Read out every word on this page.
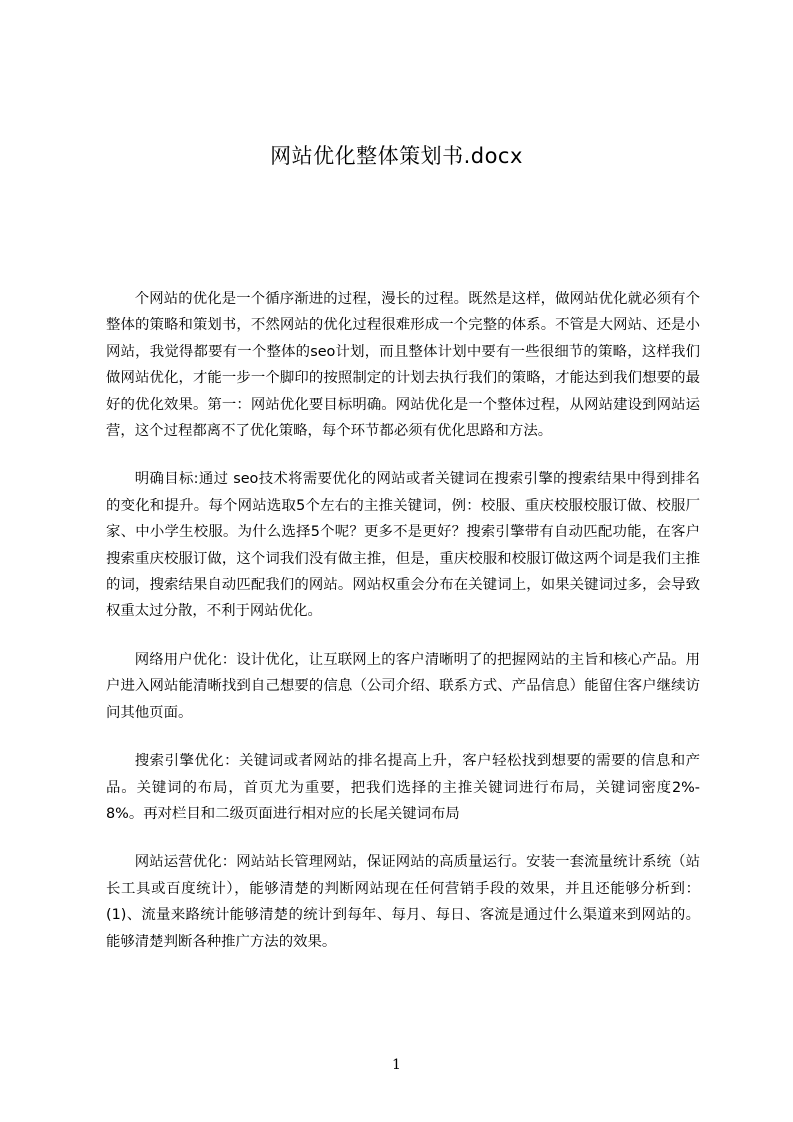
网站优化整体策划书.docx

个网站的优化是一个循序渐进的过程，漫长的过程。既然是这样，做网站优化就必须有个整体的策略和策划书，不然网站的优化过程很难形成一个完整的体系。不管是大网站、还是小网站，我觉得都要有一个整体的seo计划，而且整体计划中要有一些很细节的策略，这样我们做网站优化，才能一步一个脚印的按照制定的计划去执行我们的策略，才能达到我们想要的最好的优化效果。第一：网站优化要目标明确。网站优化是一个整体过程，从网站建设到网站运营，这个过程都离不了优化策略，每个环节都必须有优化思路和方法。

明确目标:通过 seo技术将需要优化的网站或者关键词在搜索引擎的搜索结果中得到排名的变化和提升。每个网站选取5个左右的主推关键词，例：校服、重庆校服校服订做、校服厂家、中小学生校服。为什么选择5个呢？更多不是更好？搜索引擎带有自动匹配功能，在客户搜索重庆校服订做，这个词我们没有做主推，但是，重庆校服和校服订做这两个词是我们主推的词，搜索结果自动匹配我们的网站。网站权重会分布在关键词上，如果关键词过多，会导致权重太过分散，不利于网站优化。

网络用户优化：设计优化，让互联网上的客户清晰明了的把握网站的主旨和核心产品。用户进入网站能清晰找到自己想要的信息（公司介绍、联系方式、产品信息）能留住客户继续访问其他页面。

搜索引擎优化：关键词或者网站的排名提高上升，客户轻松找到想要的需要的信息和产品。关键词的布局，首页尤为重要，把我们选择的主推关键词进行布局，关键词密度2%-8%。再对栏目和二级页面进行相对应的长尾关键词布局

网站运营优化：网站站长管理网站，保证网站的高质量运行。安装一套流量统计系统（站长工具或百度统计），能够清楚的判断网站现在任何营销手段的效果，并且还能够分析到：(1)、流量来路统计能够清楚的统计到每年、每月、每日、客流是通过什么渠道来到网站的。能够清楚判断各种推广方法的效果。

1
